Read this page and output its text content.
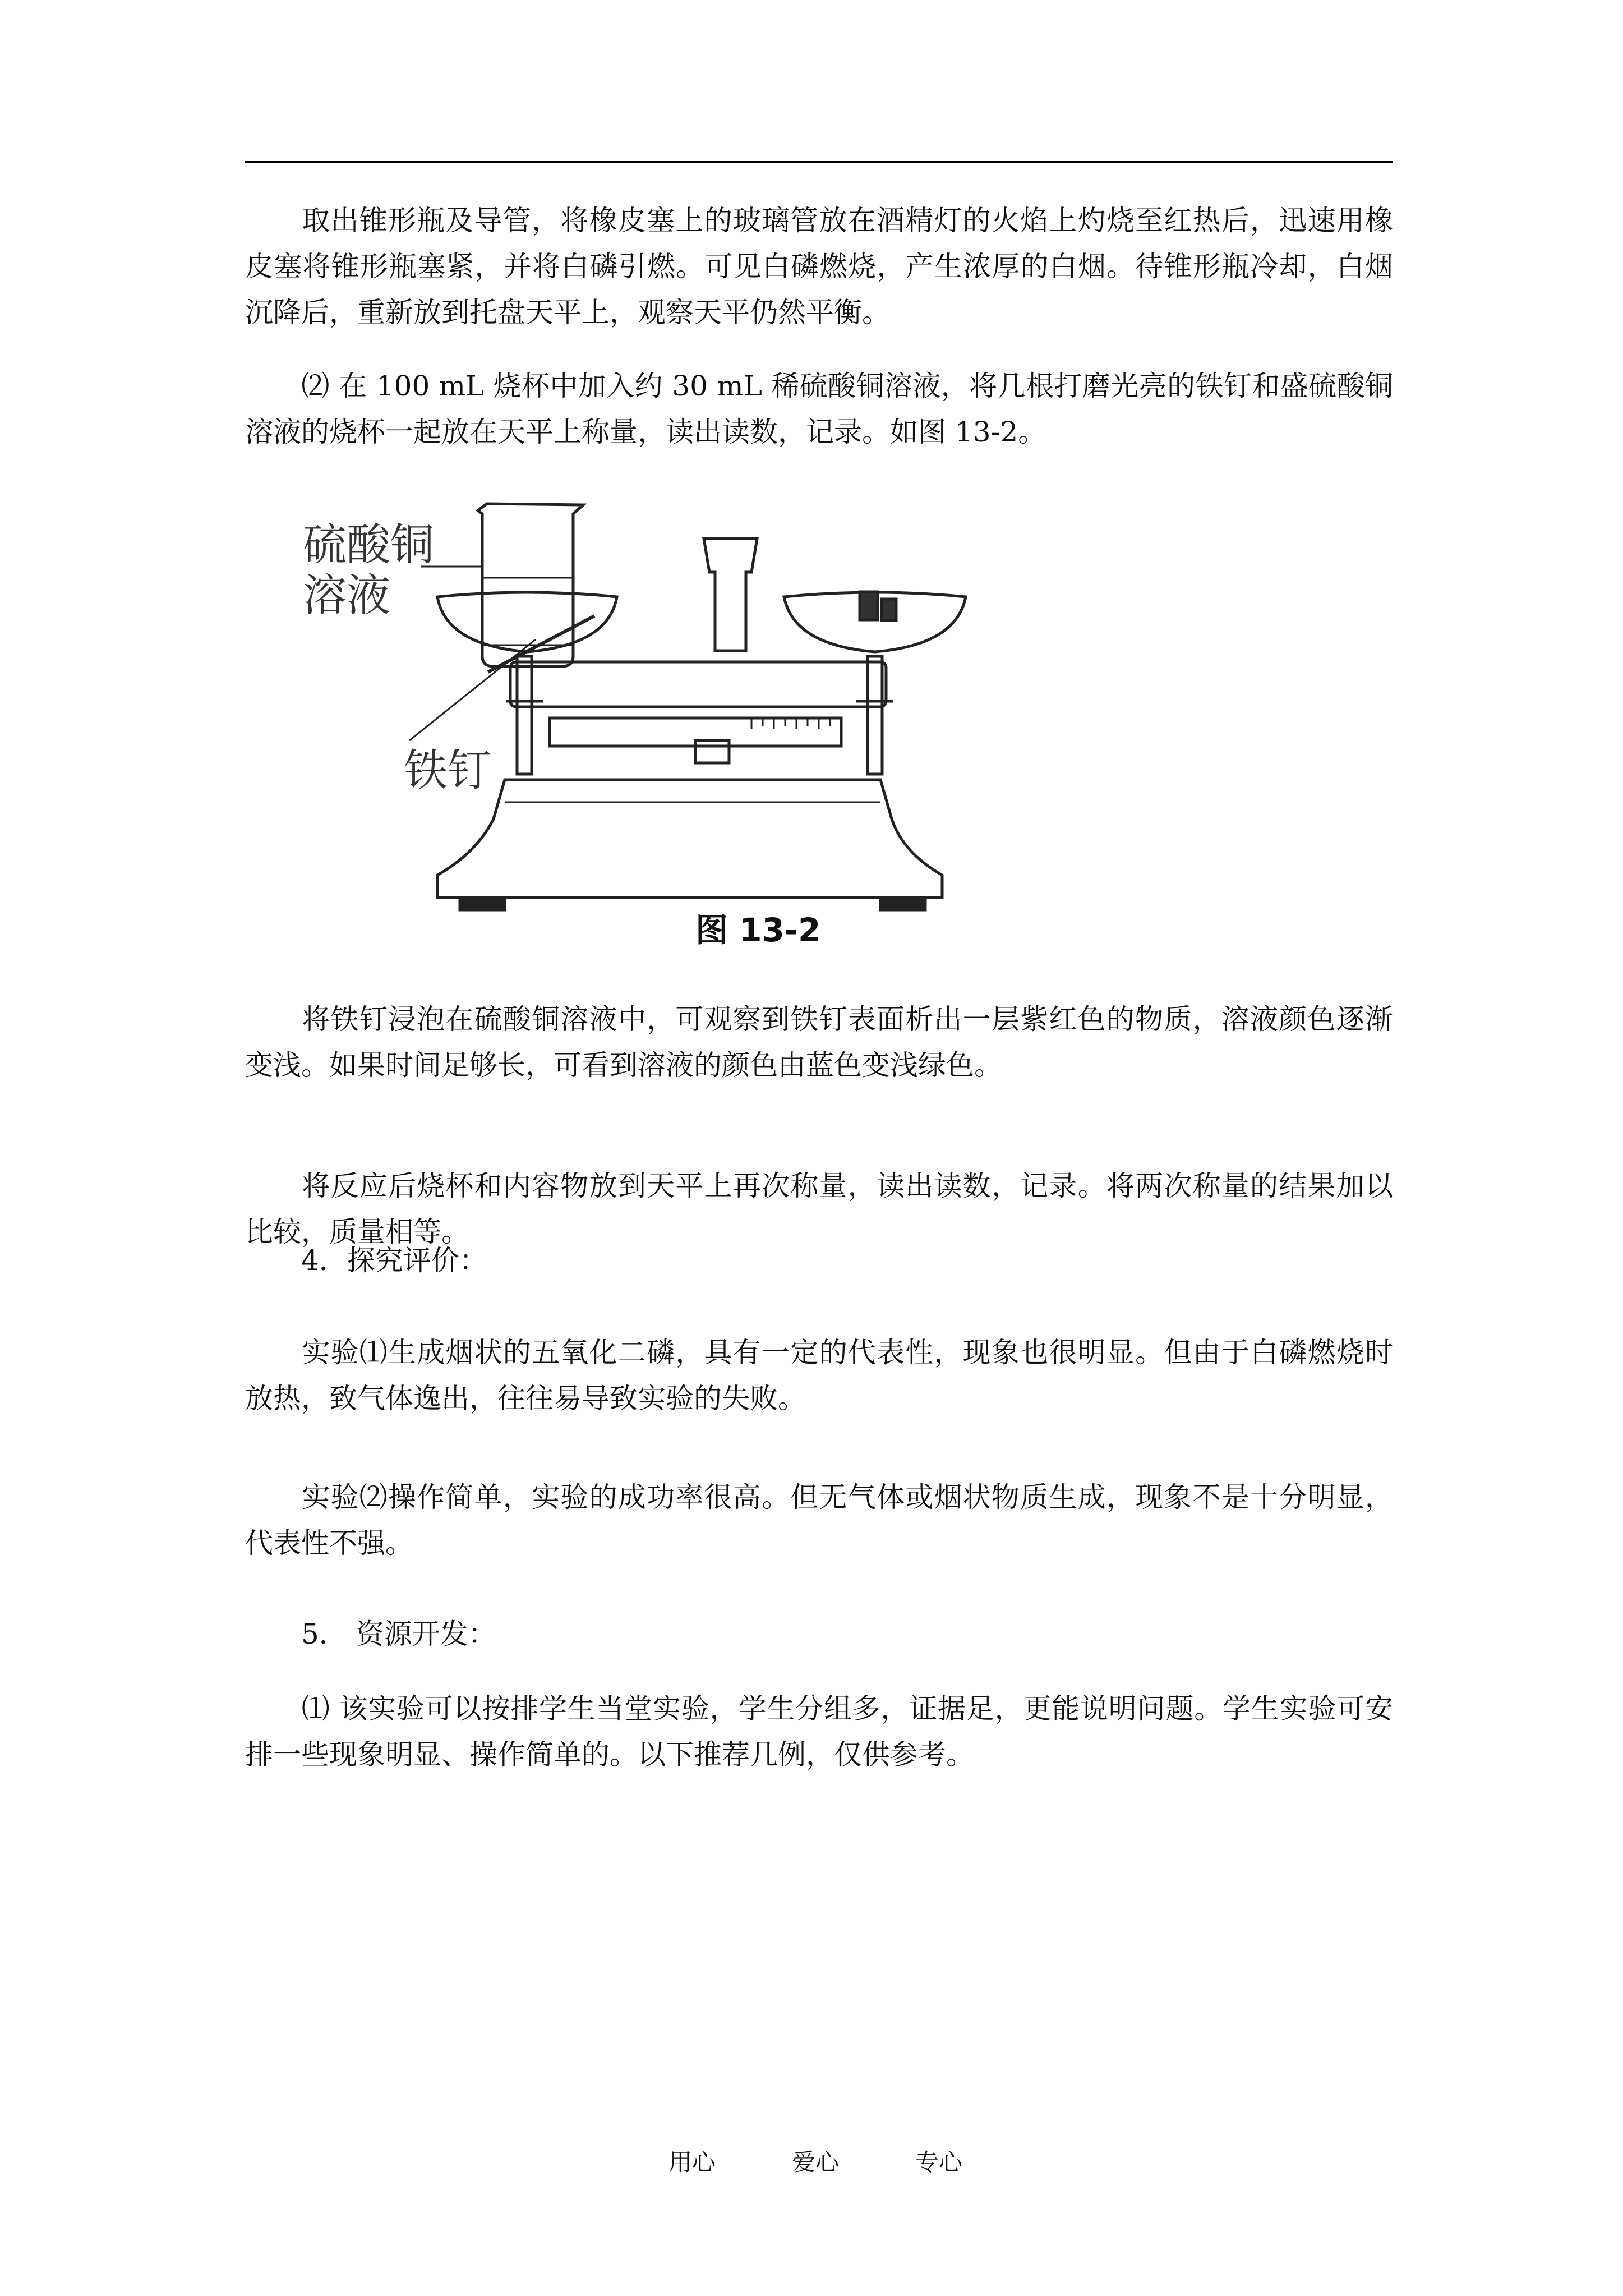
取出锥形瓶及导管，将橡皮塞上的玻璃管放在酒精灯的火焰上灼烧至红热后，迅速用橡皮塞将锥形瓶塞紧，并将白磷引燃。可见白磷燃烧，产生浓厚的白烟。待锥形瓶冷却，白烟沉降后，重新放到托盘天平上，观察天平仍然平衡。

⑵ 在 100 mL 烧杯中加入约 30 mL 稀硫酸铜溶液，将几根打磨光亮的铁钉和盛硫酸铜溶液的烧杯一起放在天平上称量，读出读数，记录。如图 13-2。

硫酸铜
溶液
铁钉
图 13-2

将铁钉浸泡在硫酸铜溶液中，可观察到铁钉表面析出一层紫红色的物质，溶液颜色逐渐变浅。如果时间足够长，可看到溶液的颜色由蓝色变浅绿色。

将反应后烧杯和内容物放到天平上再次称量，读出读数，记录。将两次称量的结果加以比较，质量相等。

4．探究评价：

实验⑴生成烟状的五氧化二磷，具有一定的代表性，现象也很明显。但由于白磷燃烧时放热，致气体逸出，往往易导致实验的失败。

实验⑵操作简单，实验的成功率很高。但无气体或烟状物质生成，现象不是十分明显，代表性不强。

5． 资源开发：

⑴ 该实验可以按排学生当堂实验，学生分组多，证据足，更能说明问题。学生实验可安排一些现象明显、操作简单的。以下推荐几例，仅供参考。

用心	爱心	专心
